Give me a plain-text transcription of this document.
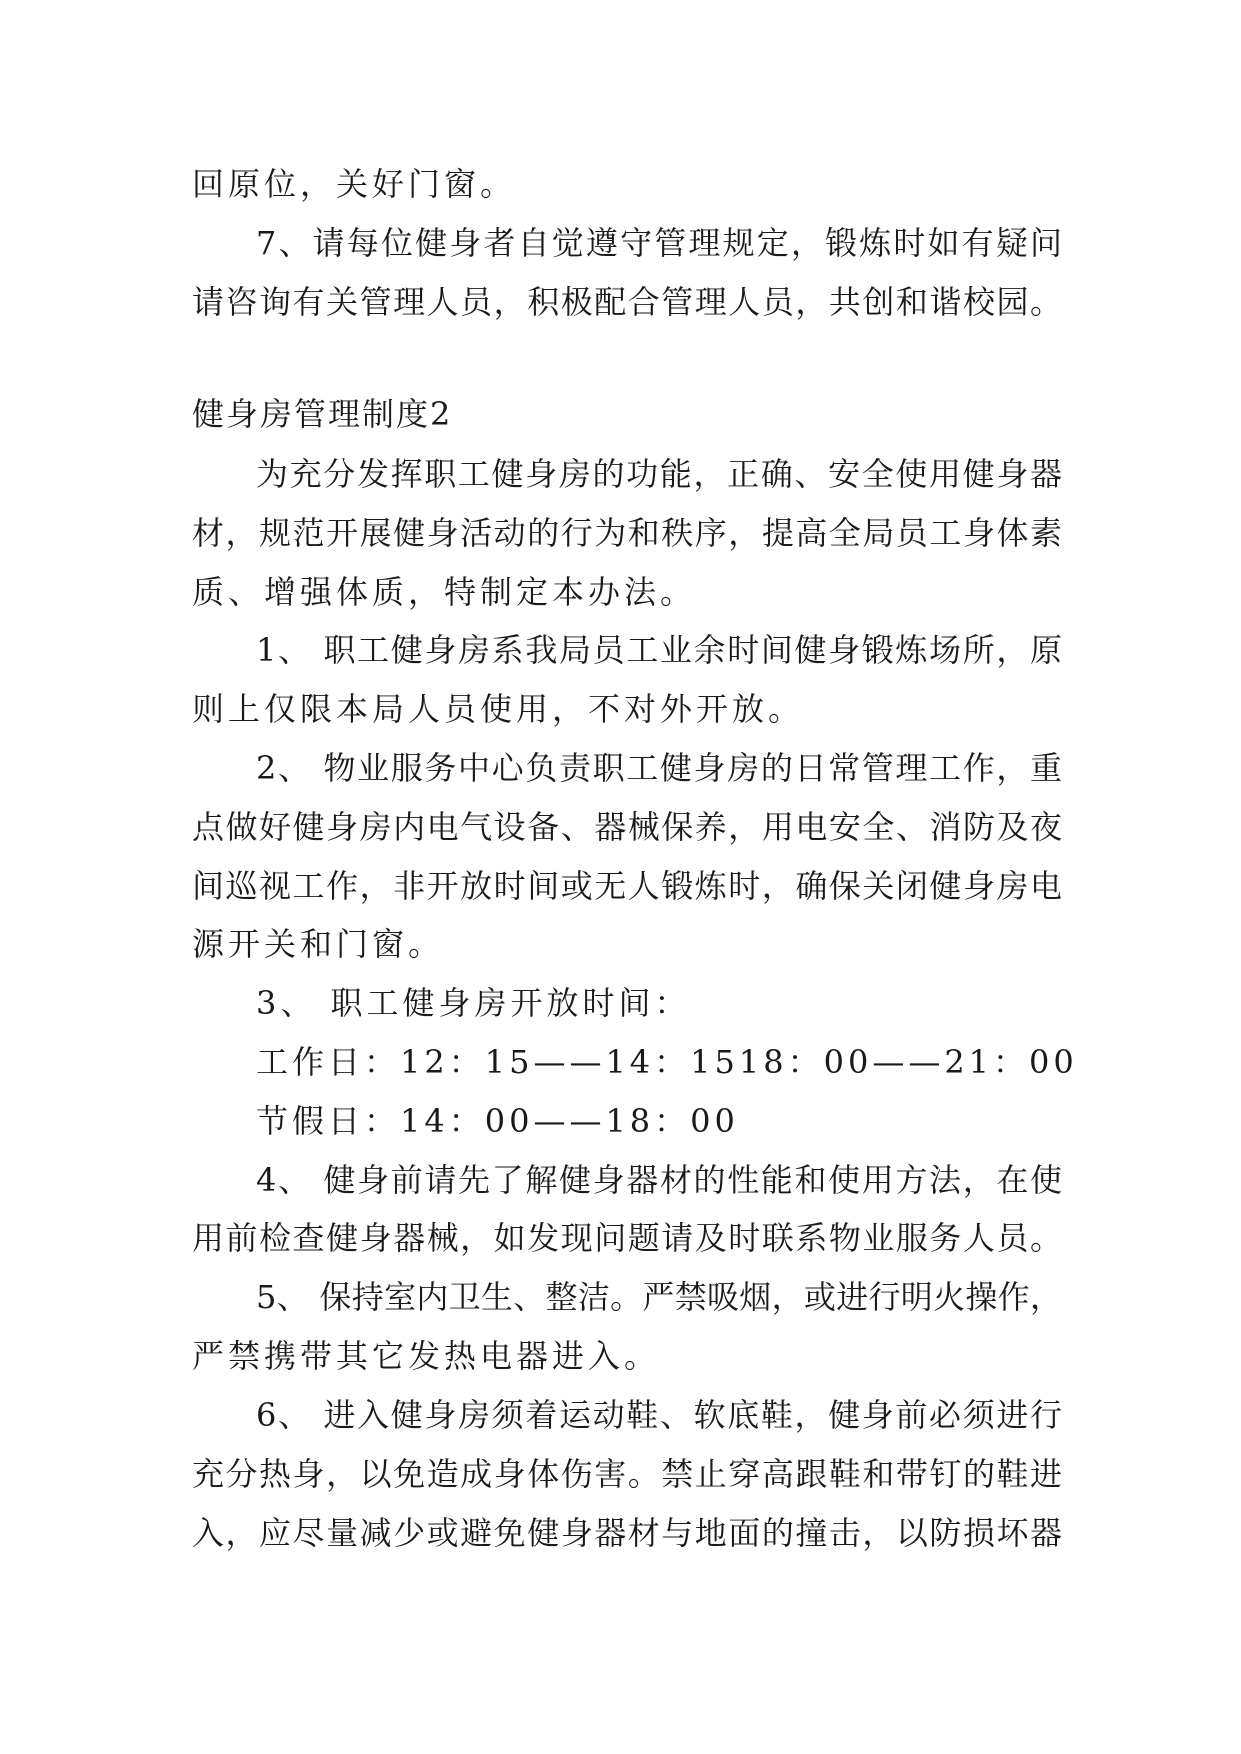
回原位，关好门窗。
7、请每位健身者自觉遵守管理规定，锻炼时如有疑问
请咨询有关管理人员，积极配合管理人员，共创和谐校园。
健身房管理制度2
为充分发挥职工健身房的功能，正确、安全使用健身器
材，规范开展健身活动的行为和秩序，提高全局员工身体素
质、增强体质，特制定本办法。
1、 职工健身房系我局员工业余时间健身锻炼场所，原
则上仅限本局人员使用，不对外开放。
2、 物业服务中心负责职工健身房的日常管理工作，重
点做好健身房内电气设备、器械保养，用电安全、消防及夜
间巡视工作，非开放时间或无人锻炼时，确保关闭健身房电
源开关和门窗。
3、 职工健身房开放时间：
工作日：12：15——14：1518：00——21：00
节假日：14：00——18：00
4、 健身前请先了解健身器材的性能和使用方法，在使
用前检查健身器械，如发现问题请及时联系物业服务人员。
5、 保持室内卫生、整洁。严禁吸烟，或进行明火操作，
严禁携带其它发热电器进入。
6、 进入健身房须着运动鞋、软底鞋，健身前必须进行
充分热身，以免造成身体伤害。禁止穿高跟鞋和带钉的鞋进
入，应尽量减少或避免健身器材与地面的撞击，以防损坏器
